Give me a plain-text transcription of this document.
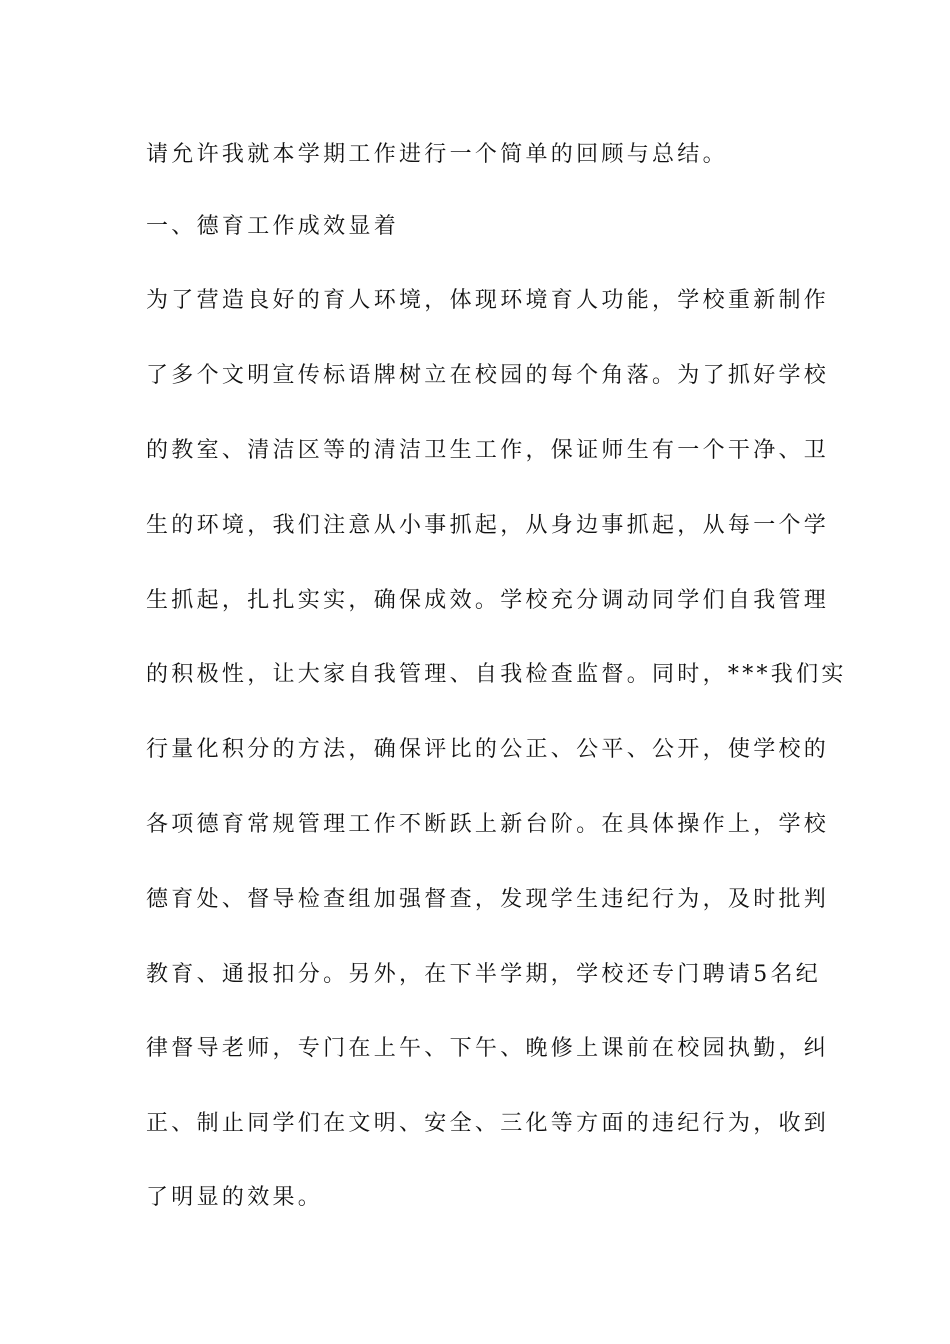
请允许我就本学期工作进行一个简单的回顾与总结。

一、德育工作成效显着

为了营造良好的育人环境，体现环境育人功能，学校重新制作

了多个文明宣传标语牌树立在校园的每个角落。为了抓好学校

的教室、清洁区等的清洁卫生工作，保证师生有一个干净、卫

生的环境，我们注意从小事抓起，从身边事抓起，从每一个学

生抓起，扎扎实实，确保成效。学校充分调动同学们自我管理

的积极性，让大家自我管理、自我检查监督。同时，***我们实

行量化积分的方法，确保评比的公正、公平、公开，使学校的

各项德育常规管理工作不断跃上新台阶。在具体操作上，学校

德育处、督导检查组加强督查，发现学生违纪行为，及时批判

教育、通报扣分。另外，在下半学期，学校还专门聘请5名纪

律督导老师，专门在上午、下午、晚修上课前在校园执勤，纠

正、制止同学们在文明、安全、三化等方面的违纪行为，收到

了明显的效果。
